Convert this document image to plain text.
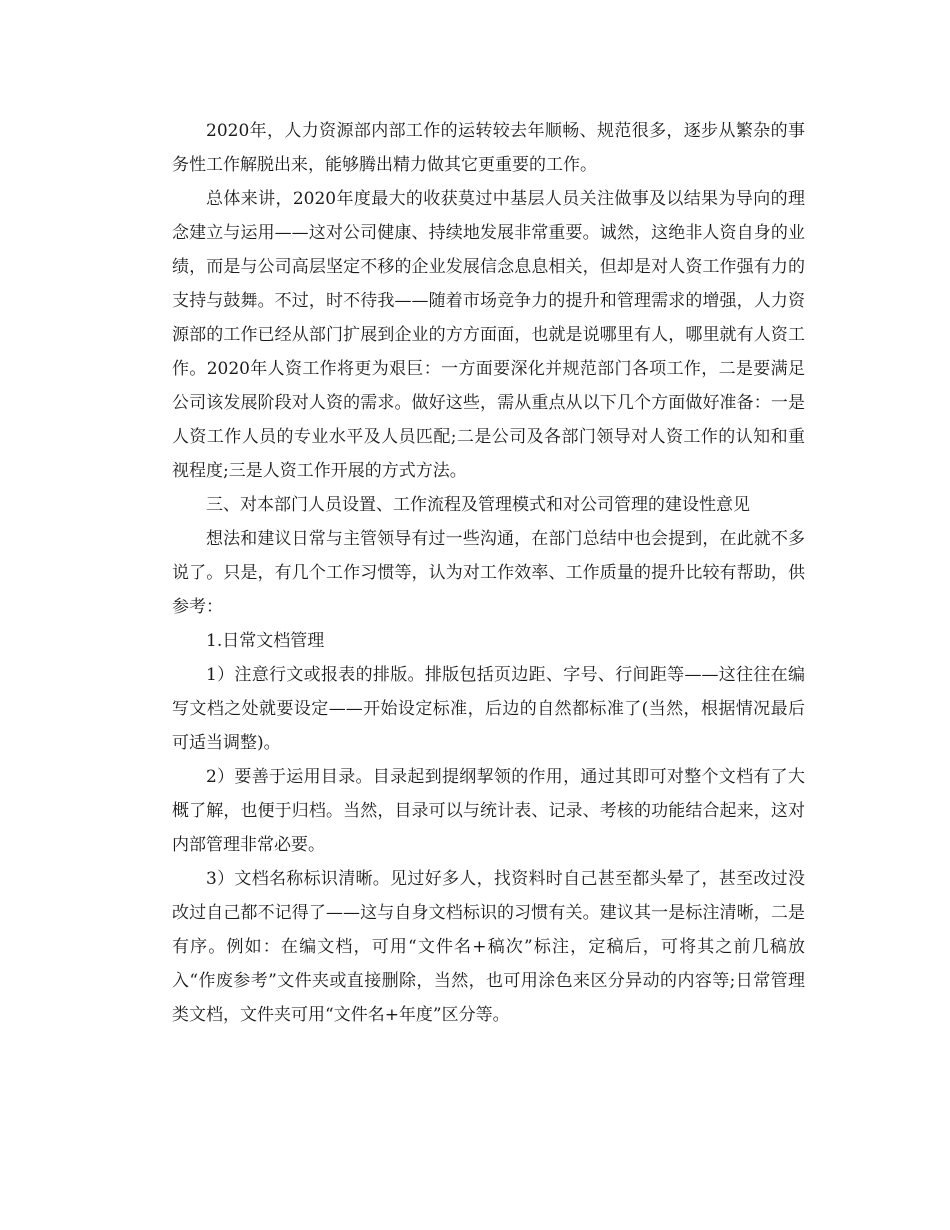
2020年，人力资源部内部工作的运转较去年顺畅、规范很多，逐步从繁杂的事务性工作解脱出来，能够腾出精力做其它更重要的工作。

总体来讲，2020年度最大的收获莫过中基层人员关注做事及以结果为导向的理念建立与运用——这对公司健康、持续地发展非常重要。诚然，这绝非人资自身的业绩，而是与公司高层坚定不移的企业发展信念息息相关，但却是对人资工作强有力的支持与鼓舞。不过，时不待我——随着市场竞争力的提升和管理需求的增强，人力资源部的工作已经从部门扩展到企业的方方面面，也就是说哪里有人，哪里就有人资工作。2020年人资工作将更为艰巨：一方面要深化并规范部门各项工作，二是要满足公司该发展阶段对人资的需求。做好这些，需从重点从以下几个方面做好准备：一是人资工作人员的专业水平及人员匹配;二是公司及各部门领导对人资工作的认知和重视程度;三是人资工作开展的方式方法。

三、对本部门人员设置、工作流程及管理模式和对公司管理的建设性意见

想法和建议日常与主管领导有过一些沟通，在部门总结中也会提到，在此就不多说了。只是，有几个工作习惯等，认为对工作效率、工作质量的提升比较有帮助，供参考：

1.日常文档管理

1）注意行文或报表的排版。排版包括页边距、字号、行间距等——这往往在编写文档之处就要设定——开始设定标准，后边的自然都标准了(当然，根据情况最后可适当调整)。

2）要善于运用目录。目录起到提纲挈领的作用，通过其即可对整个文档有了大概了解，也便于归档。当然，目录可以与统计表、记录、考核的功能结合起来，这对内部管理非常必要。

3）文档名称标识清晰。见过好多人，找资料时自己甚至都头晕了，甚至改过没改过自己都不记得了——这与自身文档标识的习惯有关。建议其一是标注清晰，二是有序。例如：在编文档，可用“文件名+稿次”标注，定稿后，可将其之前几稿放入“作废参考”文件夹或直接删除，当然，也可用涂色来区分异动的内容等;日常管理类文档，文件夹可用“文件名+年度”区分等。
